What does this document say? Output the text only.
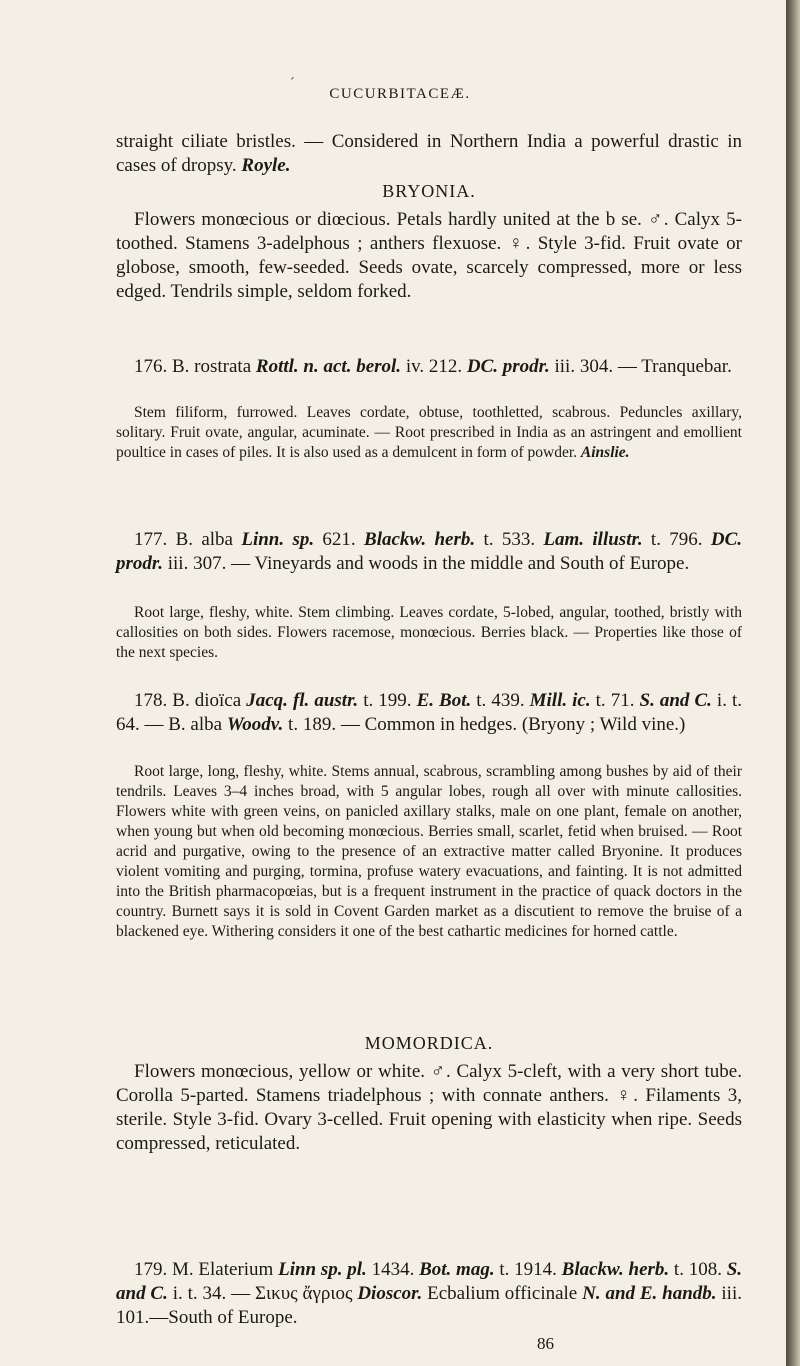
´
CUCURBITACEÆ.

straight ciliate bristles. — Considered in Northern India a powerful drastic in cases of dropsy. Royle.

BRYONIA.

Flowers monœcious or diœcious. Petals hardly united at the b se. ♂. Calyx 5-toothed. Stamens 3-adelphous ; anthers flexuose. ♀. Style 3-fid. Fruit ovate or globose, smooth, few-seeded. Seeds ovate, scarcely compressed, more or less edged. Tendrils simple, seldom forked.

176. B. rostrata Rottl. n. act. berol. iv. 212. DC. prodr. iii. 304. — Tranquebar.

Stem filiform, furrowed. Leaves cordate, obtuse, toothletted, scabrous. Peduncles axillary, solitary. Fruit ovate, angular, acuminate. — Root prescribed in India as an astringent and emollient poultice in cases of piles. It is also used as a demulcent in form of powder. Ainslie.

177. B. alba Linn. sp. 621. Blackw. herb. t. 533. Lam. illustr. t. 796. DC. prodr. iii. 307. — Vineyards and woods in the middle and South of Europe.

Root large, fleshy, white. Stem climbing. Leaves cordate, 5-lobed, angular, toothed, bristly with callosities on both sides. Flowers racemose, monœcious. Berries black. — Properties like those of the next species.

178. B. dioïca Jacq. fl. austr. t. 199. E. Bot. t. 439. Mill. ic. t. 71. S. and C. i. t. 64. — B. alba Woodv. t. 189. — Common in hedges. (Bryony ; Wild vine.)

Root large, long, fleshy, white. Stems annual, scabrous, scrambling among bushes by aid of their tendrils. Leaves 3–4 inches broad, with 5 angular lobes, rough all over with minute callosities. Flowers white with green veins, on panicled axillary stalks, male on one plant, female on another, when young but when old becoming monœcious. Berries small, scarlet, fetid when bruised. — Root acrid and purgative, owing to the presence of an extractive matter called Bryonine. It produces violent vomiting and purging, tormina, profuse watery evacuations, and fainting. It is not admitted into the British pharmacopœias, but is a frequent instrument in the practice of quack doctors in the country. Burnett says it is sold in Covent Garden market as a discutient to remove the bruise of a blackened eye. Withering considers it one of the best cathartic medicines for horned cattle.

MOMORDICA.

Flowers monœcious, yellow or white. ♂. Calyx 5-cleft, with a very short tube. Corolla 5-parted. Stamens triadelphous ; with connate anthers. ♀. Filaments 3, sterile. Style 3-fid. Ovary 3-celled. Fruit opening with elasticity when ripe. Seeds compressed, reticulated.

179. M. Elaterium Linn sp. pl. 1434. Bot. mag. t. 1914. Blackw. herb. t. 108. S. and C. i. t. 34. — Σικυς ἄγριος Dioscor. Ecbalium officinale N. and E. handb. iii. 101.—South of Europe.

86
